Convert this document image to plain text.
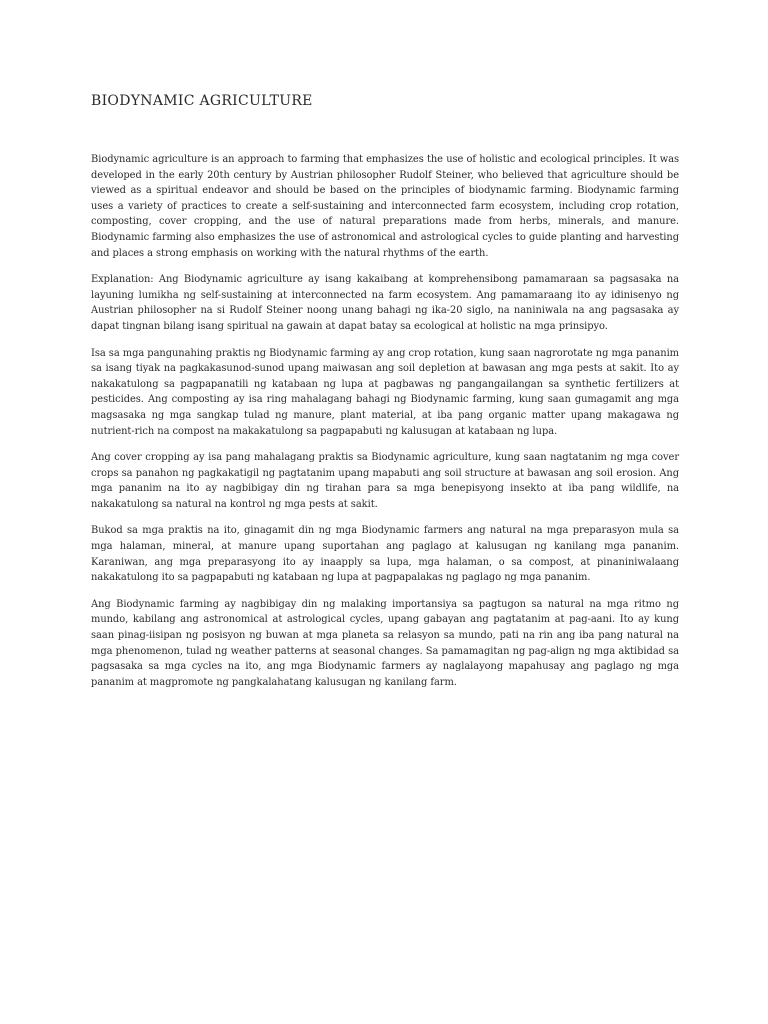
BIODYNAMIC AGRICULTURE

Biodynamic agriculture is an approach to farming that emphasizes the use of holistic and ecological principles. It was developed in the early 20th century by Austrian philosopher Rudolf Steiner, who believed that agriculture should be viewed as a spiritual endeavor and should be based on the principles of biodynamic farming. Biodynamic farming uses a variety of practices to create a self-sustaining and interconnected farm ecosystem, including crop rotation, composting, cover cropping, and the use of natural preparations made from herbs, minerals, and manure. Biodynamic farming also emphasizes the use of astronomical and astrological cycles to guide planting and harvesting and places a strong emphasis on working with the natural rhythms of the earth.

Explanation: Ang Biodynamic agriculture ay isang kakaibang at komprehensibong pamamaraan sa pagsasaka na layuning lumikha ng self-sustaining at interconnected na farm ecosystem. Ang pamamaraang ito ay idinisenyo ng Austrian philosopher na si Rudolf Steiner noong unang bahagi ng ika-20 siglo, na naniniwala na ang pagsasaka ay dapat tingnan bilang isang spiritual na gawain at dapat batay sa ecological at holistic na mga prinsipyo.

Isa sa mga pangunahing praktis ng Biodynamic farming ay ang crop rotation, kung saan nagrorotate ng mga pananim sa isang tiyak na pagkakasunod-sunod upang maiwasan ang soil depletion at bawasan ang mga pests at sakit. Ito ay nakakatulong sa pagpapanatili ng katabaan ng lupa at pagbawas ng pangangailangan sa synthetic fertilizers at pesticides. Ang composting ay isa ring mahalagang bahagi ng Biodynamic farming, kung saan gumagamit ang mga magsasaka ng mga sangkap tulad ng manure, plant material, at iba pang organic matter upang makagawa ng nutrient-rich na compost na makakatulong sa pagpapabuti ng kalusugan at katabaan ng lupa.

Ang cover cropping ay isa pang mahalagang praktis sa Biodynamic agriculture, kung saan nagtatanim ng mga cover crops sa panahon ng pagkakatigil ng pagtatanim upang mapabuti ang soil structure at bawasan ang soil erosion. Ang mga pananim na ito ay nagbibigay din ng tirahan para sa mga benepisyong insekto at iba pang wildlife, na nakakatulong sa natural na kontrol ng mga pests at sakit.

Bukod sa mga praktis na ito, ginagamit din ng mga Biodynamic farmers ang natural na mga preparasyon mula sa mga halaman, mineral, at manure upang suportahan ang paglago at kalusugan ng kanilang mga pananim. Karaniwan, ang mga preparasyong ito ay inaapply sa lupa, mga halaman, o sa compost, at pinaniniwalaang nakakatulong ito sa pagpapabuti ng katabaan ng lupa at pagpapalakas ng paglago ng mga pananim.

Ang Biodynamic farming ay nagbibigay din ng malaking importansiya sa pagtugon sa natural na mga ritmo ng mundo, kabilang ang astronomical at astrological cycles, upang gabayan ang pagtatanim at pag-aani. Ito ay kung saan pinag-iisipan ng posisyon ng buwan at mga planeta sa relasyon sa mundo, pati na rin ang iba pang natural na mga phenomenon, tulad ng weather patterns at seasonal changes. Sa pamamagitan ng pag-align ng mga aktibidad sa pagsasaka sa mga cycles na ito, ang mga Biodynamic farmers ay naglalayong mapahusay ang paglago ng mga pananim at magpromote ng pangkalahatang kalusugan ng kanilang farm.
